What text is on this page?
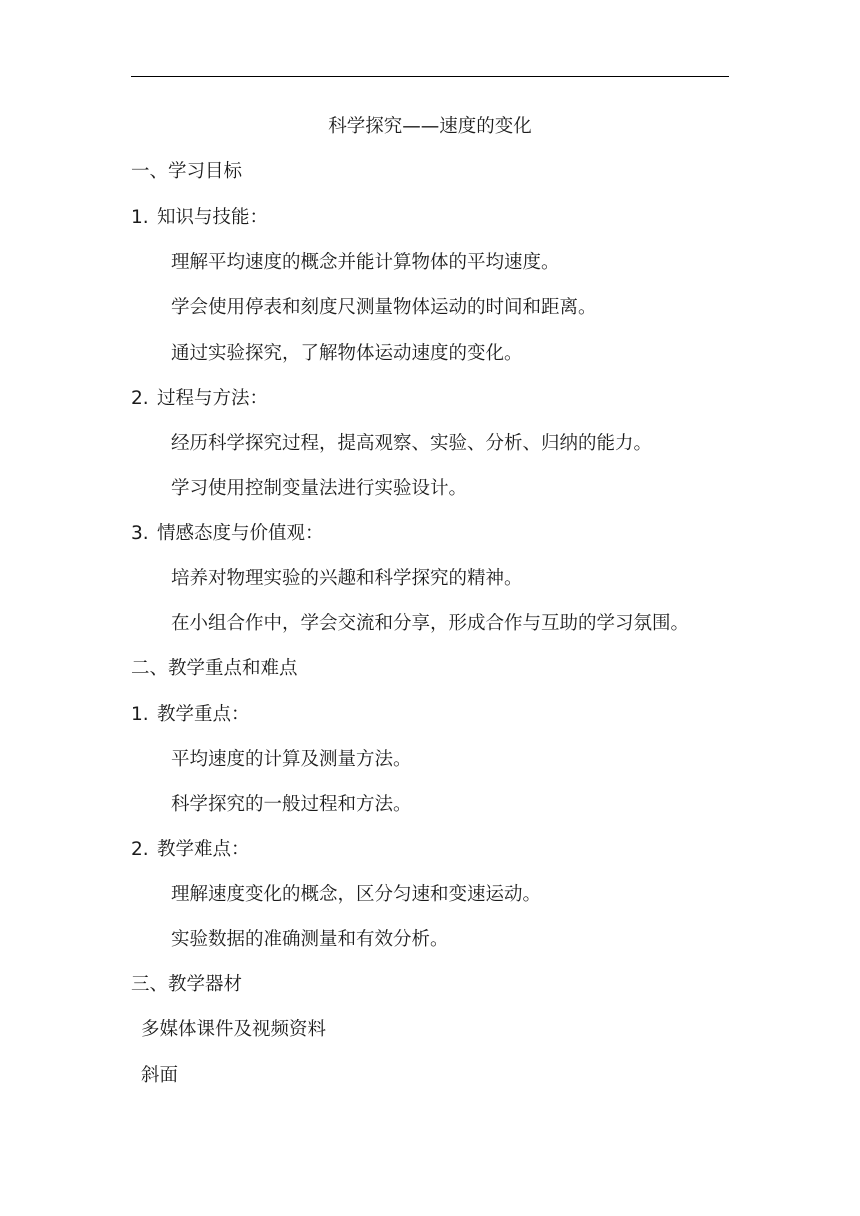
科学探究——速度的变化
一、学习目标
1. 知识与技能：
理解平均速度的概念并能计算物体的平均速度。
学会使用停表和刻度尺测量物体运动的时间和距离。
通过实验探究，了解物体运动速度的变化。
2. 过程与方法：
经历科学探究过程，提高观察、实验、分析、归纳的能力。
学习使用控制变量法进行实验设计。
3. 情感态度与价值观：
培养对物理实验的兴趣和科学探究的精神。
在小组合作中，学会交流和分享，形成合作与互助的学习氛围。
二、教学重点和难点
1. 教学重点：
平均速度的计算及测量方法。
科学探究的一般过程和方法。
2. 教学难点：
理解速度变化的概念，区分匀速和变速运动。
实验数据的准确测量和有效分析。
三、教学器材
多媒体课件及视频资料
斜面
